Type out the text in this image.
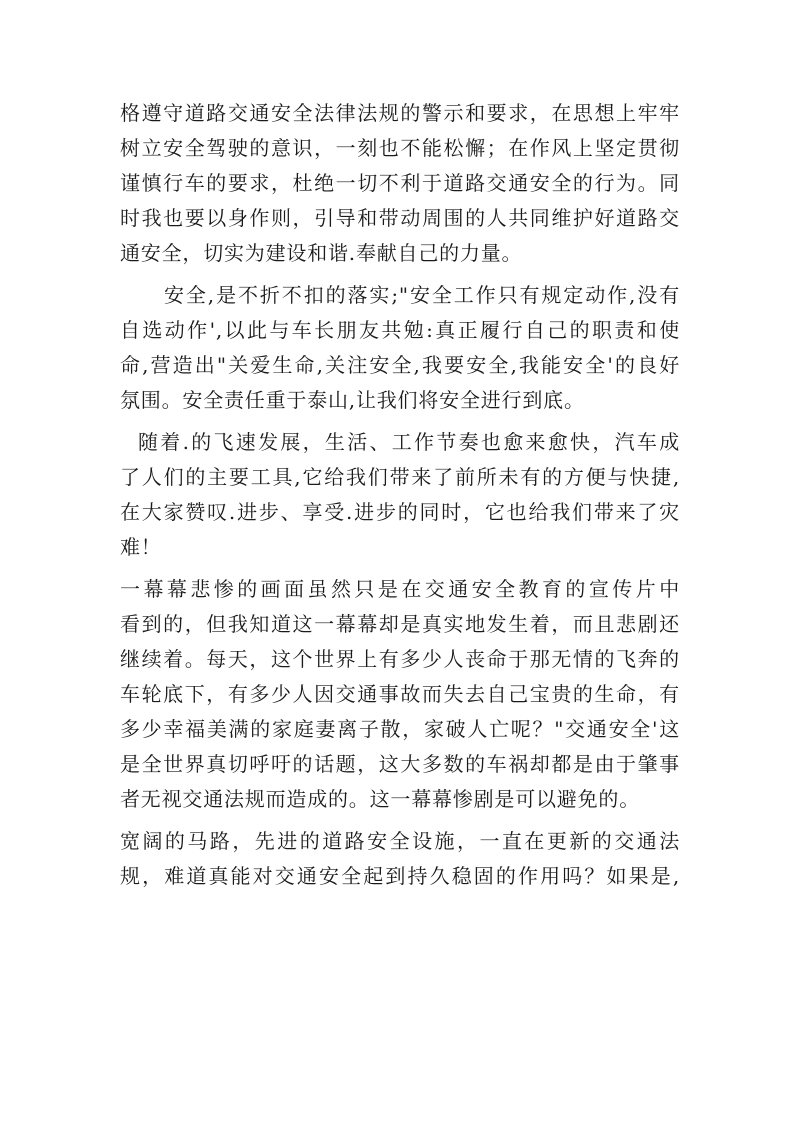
格遵守道路交通安全法律法规的警示和要求，在思想上牢牢
树立安全驾驶的意识，一刻也不能松懈；在作风上坚定贯彻
谨慎行车的要求，杜绝一切不利于道路交通安全的行为。同
时我也要以身作则，引导和带动周围的人共同维护好道路交
通安全，切实为建设和谐.奉献自己的力量。

安全,是不折不扣的落实;"安全工作只有规定动作,没有
自选动作',以此与车长朋友共勉:真正履行自己的职责和使
命,营造出"关爱生命,关注安全,我要安全,我能安全'的良好
氛围。安全责任重于泰山,让我们将安全进行到底。

随着.的飞速发展，生活、工作节奏也愈来愈快，汽车成
了人们的主要工具,它给我们带来了前所未有的方便与快捷,
在大家赞叹.进步、享受.进步的同时，它也给我们带来了灾
难！

一幕幕悲惨的画面虽然只是在交通安全教育的宣传片中
看到的，但我知道这一幕幕却是真实地发生着，而且悲剧还
继续着。每天，这个世界上有多少人丧命于那无情的飞奔的
车轮底下，有多少人因交通事故而失去自己宝贵的生命，有
多少幸福美满的家庭妻离子散，家破人亡呢？"交通安全'这
是全世界真切呼吁的话题，这大多数的车祸却都是由于肇事
者无视交通法规而造成的。这一幕幕惨剧是可以避免的。

宽阔的马路，先进的道路安全设施，一直在更新的交通法
规，难道真能对交通安全起到持久稳固的作用吗？如果是,
